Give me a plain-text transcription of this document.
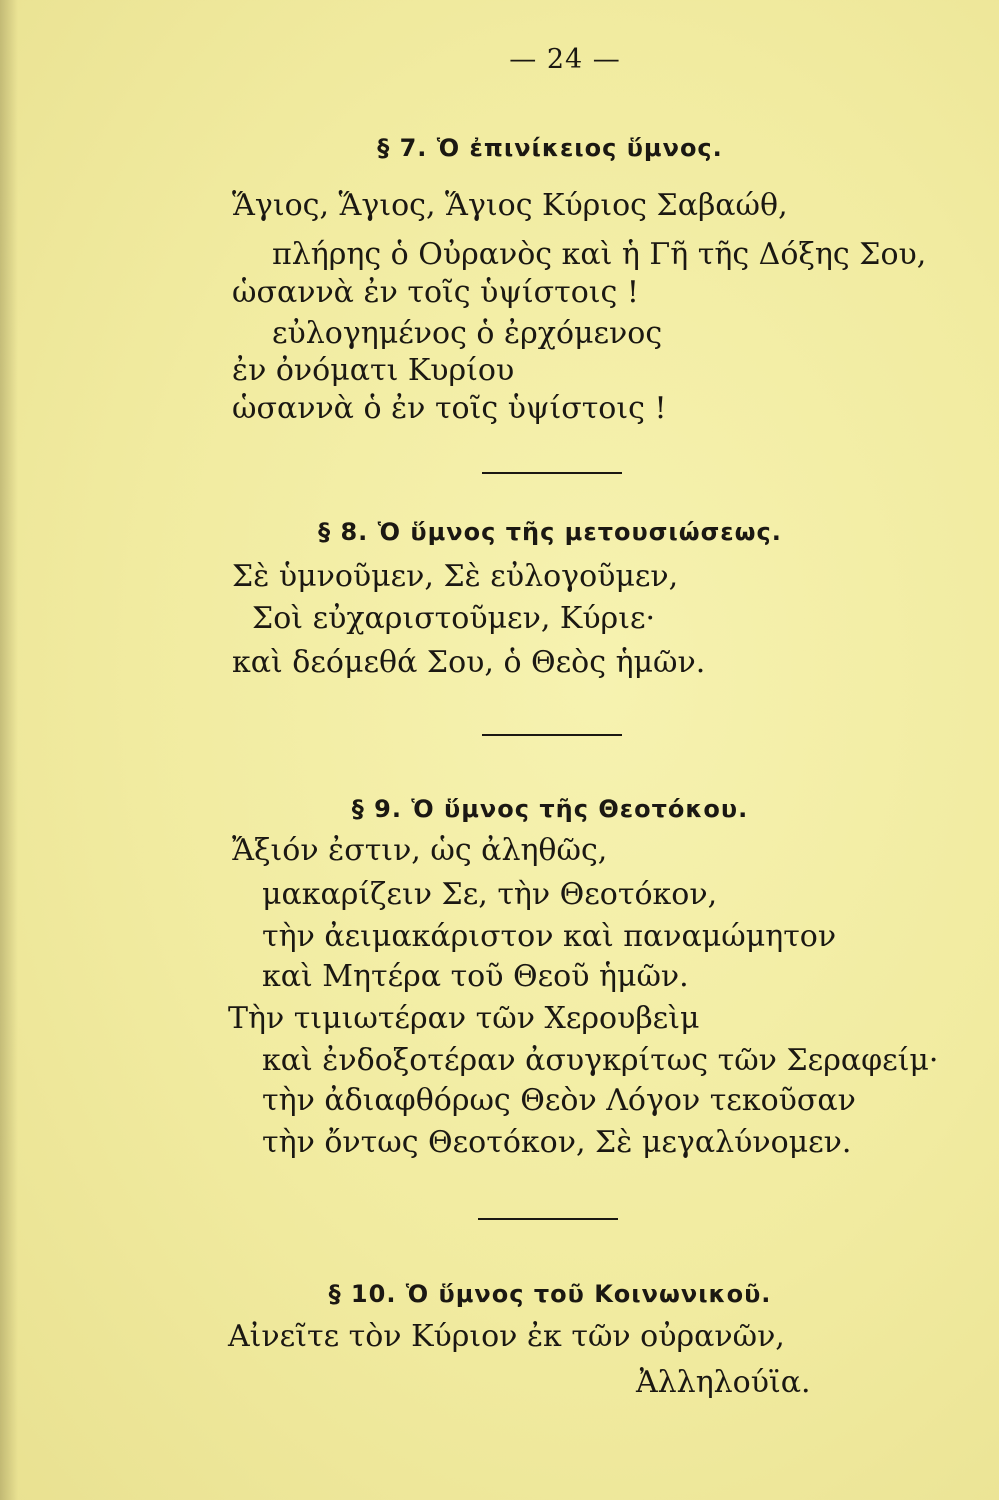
— 24 —
§ 7. Ὁ ἐπινίκειος ὕμνος.
Ἅγιος, Ἅγιος, Ἅγιος Κύριος Σαβαώθ,
πλήρης ὁ Οὐρανὸς καὶ ἡ Γῆ τῆς Δόξης Σου,
ὡσαννὰ ἐν τοῖς ὑψίστοις !
εὐλογημένος ὁ ἐρχόμενος
ἐν ὀνόματι Κυρίου
ὡσαννὰ ὁ ἐν τοῖς ὑψίστοις !
§ 8. Ὁ ὕμνος τῆς μετουσιώσεως.
Σὲ ὑμνοῦμεν, Σὲ εὐλογοῦμεν,
Σοὶ εὐχαριστοῦμεν, Κύριε·
καὶ δεόμεθά Σου, ὁ Θεὸς ἡμῶν.
§ 9. Ὁ ὕμνος τῆς Θεοτόκου.
Ἄξιόν ἐστιν, ὡς ἀληθῶς,
μακαρίζειν Σε, τὴν Θεοτόκον,
τὴν ἀειμακάριστον καὶ παναμώμητον
καὶ Μητέρα τοῦ Θεοῦ ἡμῶν.
Τὴν τιμιωτέραν τῶν Χερουβεὶμ
καὶ ἐνδοξοτέραν ἀσυγκρίτως τῶν Σεραφείμ·
τὴν ἀδιαφθόρως Θεὸν Λόγον τεκοῦσαν
τὴν ὄντως Θεοτόκον, Σὲ μεγαλύνομεν.
§ 10. Ὁ ὕμνος τοῦ Κοινωνικοῦ.
Αἰνεῖτε τὸν Κύριον ἐκ τῶν οὐρανῶν,
Ἀλληλούϊα.
